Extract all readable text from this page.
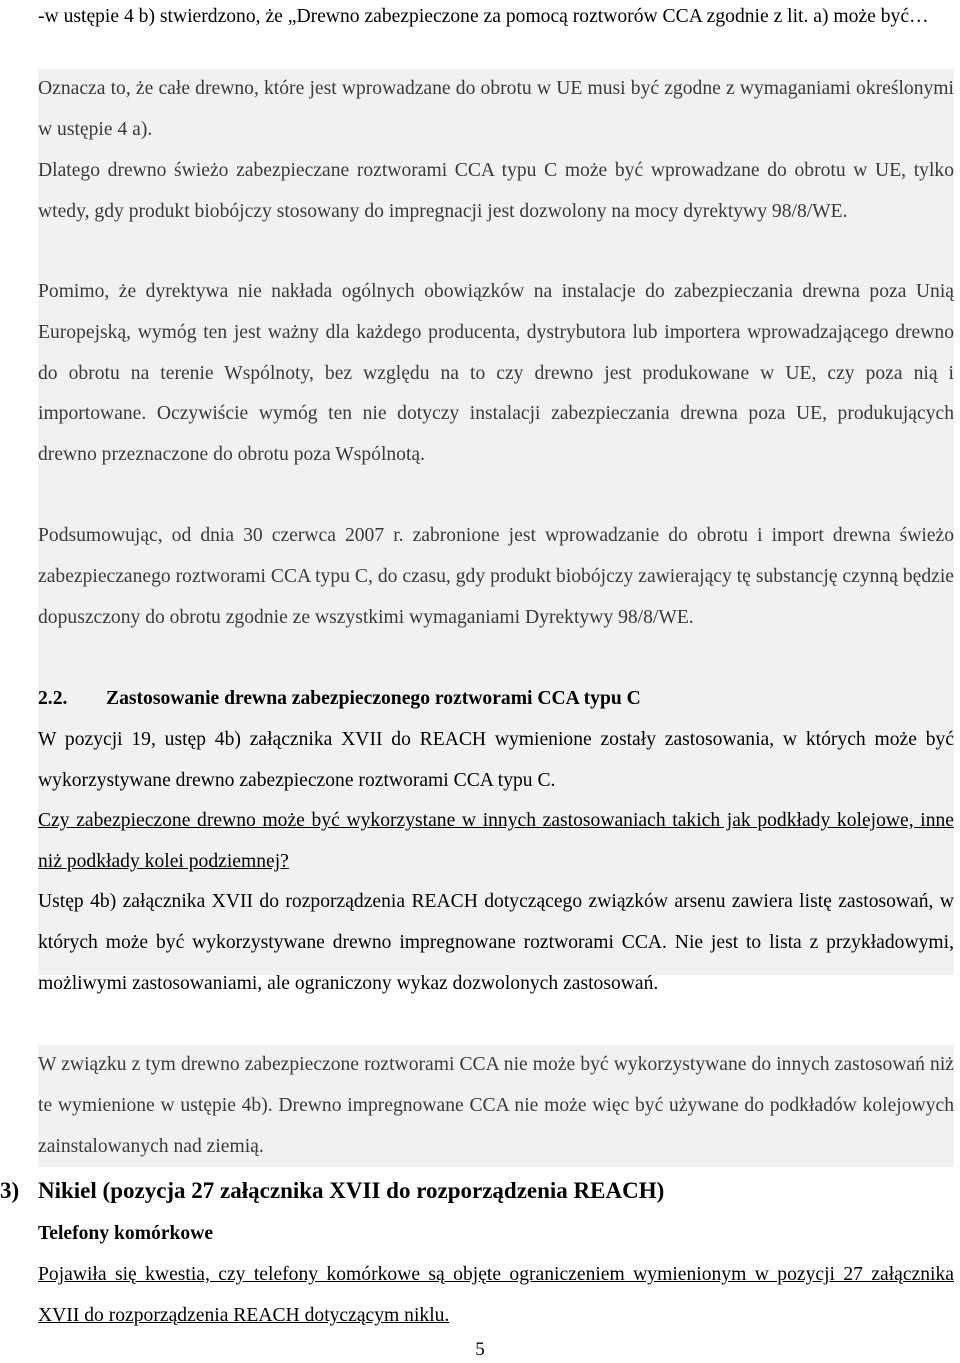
-w ustępie 4 b) stwierdzono, że „Drewno zabezpieczone za pomocą roztworów CCA zgodnie z lit. a) może być…

Oznacza to, że całe drewno, które jest wprowadzane do obrotu w UE musi być zgodne z wymaganiami określonymi w ustępie 4 a).

Dlatego drewno świeżo zabezpieczane roztworami CCA typu C może być wprowadzane do obrotu w UE, tylko wtedy, gdy produkt biobójczy stosowany do impregnacji jest dozwolony na mocy dyrektywy 98/8/WE.

Pomimo, że dyrektywa nie nakłada ogólnych obowiązków na instalacje do zabezpieczania drewna poza Unią Europejską, wymóg ten jest ważny dla każdego producenta, dystrybutora lub importera wprowadzającego drewno do obrotu na terenie Wspólnoty, bez względu na to czy drewno jest produkowane w UE, czy poza nią i importowane. Oczywiście wymóg ten nie dotyczy instalacji zabezpieczania drewna poza UE, produkujących drewno przeznaczone do obrotu poza Wspólnotą.

Podsumowując, od dnia 30 czerwca 2007 r. zabronione jest wprowadzanie do obrotu i import drewna świeżo zabezpieczanego roztworami CCA typu C, do czasu, gdy produkt biobójczy zawierający tę substancję czynną będzie dopuszczony do obrotu zgodnie ze wszystkimi wymaganiami Dyrektywy 98/8/WE.

2.2. Zastosowanie drewna zabezpieczonego roztworami CCA typu C

W pozycji 19, ustęp 4b) załącznika XVII do REACH wymienione zostały zastosowania, w których może być wykorzystywane drewno zabezpieczone roztworami CCA typu C.

Czy zabezpieczone drewno może być wykorzystane w innych zastosowaniach takich jak podkłady kolejowe, inne niż podkłady kolei podziemnej?

Ustęp 4b) załącznika XVII do rozporządzenia REACH dotyczącego związków arsenu zawiera listę zastosowań, w których może być wykorzystywane drewno impregnowane roztworami CCA. Nie jest to lista z przykładowymi, możliwymi zastosowaniami, ale ograniczony wykaz dozwolonych zastosowań.

W związku z tym drewno zabezpieczone roztworami CCA nie może być wykorzystywane do innych zastosowań niż te wymienione w ustępie 4b). Drewno impregnowane CCA nie może więc być używane do podkładów kolejowych zainstalowanych nad ziemią.

3) Nikiel (pozycja 27 załącznika XVII do rozporządzenia REACH)
Telefony komórkowe

Pojawiła się kwestia, czy telefony komórkowe są objęte ograniczeniem wymienionym w pozycji 27 załącznika XVII do rozporządzenia REACH dotyczącym niklu.

5
